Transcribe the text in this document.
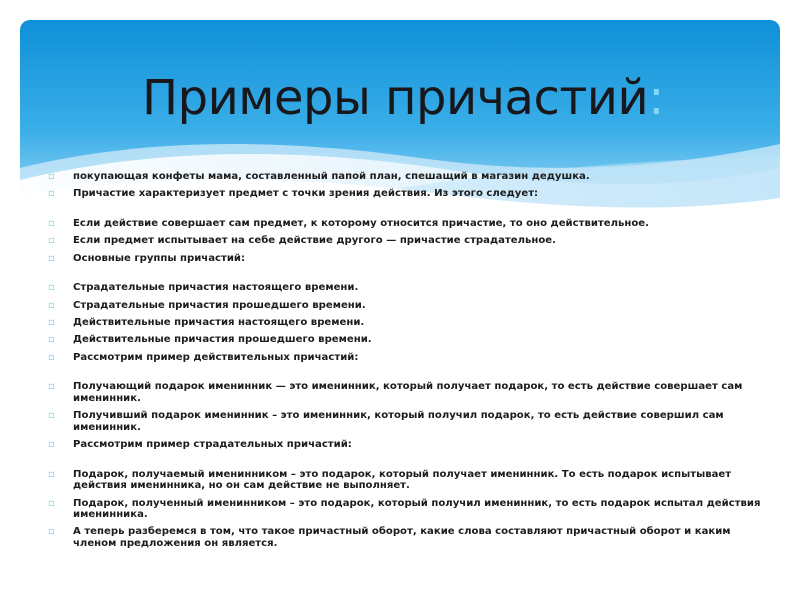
Примеры причастий:
▫ покупающая конфеты мама, составленный папой план, спешащий в магазин дедушка.
▫ Причастие характеризует предмет с точки зрения действия. Из этого следует:
▫ Если действие совершает сам предмет, к которому относится причастие, то оно действительное.
▫ Если предмет испытывает на себе действие другого — причастие страдательное.
▫ Основные группы причастий:
▫ Страдательные причастия настоящего времени.
▫ Страдательные причастия прошедшего времени.
▫ Действительные причастия настоящего времени.
▫ Действительные причастия прошедшего времени.
▫ Рассмотрим пример действительных причастий:
▫ Получающий подарок именинник — это именинник, который получает подарок, то есть действие совершает сам именинник.
▫ Получивший подарок именинник – это именинник, который получил подарок, то есть действие совершил сам именинник.
▫ Рассмотрим пример страдательных причастий:
▫ Подарок, получаемый именинником – это подарок, который получает именинник. То есть подарок испытывает действия именинника, но он сам действие не выполняет.
▫ Подарок, полученный именинником – это подарок, который получил именинник, то есть подарок испытал действия именинника.
▫ А теперь разберемся в том, что такое причастный оборот, какие слова составляют причастный оборот и каким членом предложения он является.
